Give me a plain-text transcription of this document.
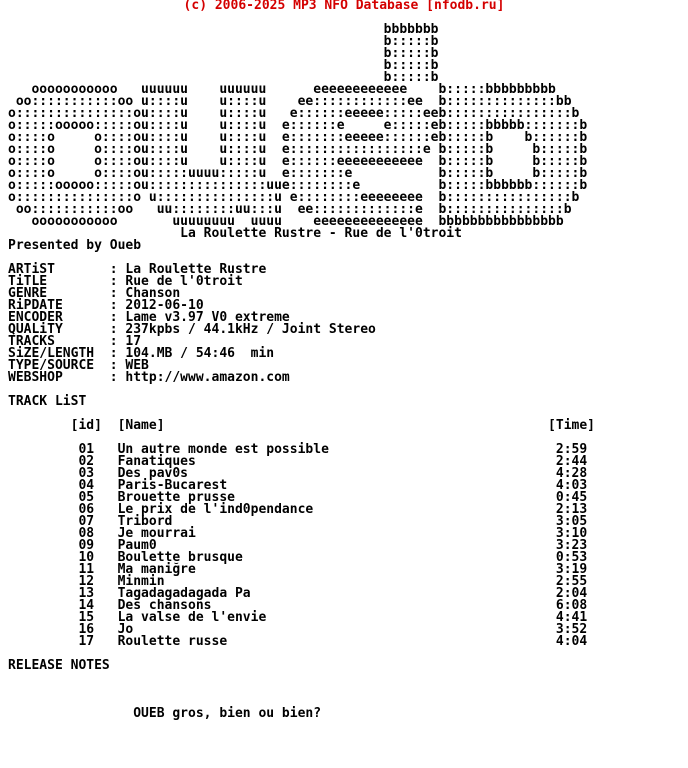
(c) 2006-2025 MP3 NFO Database [nfodb.ru]
bbbbbbb
b:::::b
b:::::b
b:::::b
b:::::b
ooooooooooo   uuuuuu    uuuuuu      eeeeeeeeeeee    b:::::bbbbbbbbb
oo:::::::::::oo u::::u    u::::u    ee::::::::::::ee  b::::::::::::::bb
o:::::::::::::::ou::::u    u::::u   e::::::eeeee:::::eeb::::::::::::::::b
o:::::ooooo:::::ou::::u    u::::u  e::::::e     e:::::eb:::::bbbbb:::::::b
o::::o     o::::ou::::u    u::::u  e:::::::eeeee::::::eb:::::b    b::::::b
o::::o     o::::ou::::u    u::::u  e:::::::::::::::::e b:::::b     b:::::b
o::::o     o::::ou::::u    u::::u  e::::::eeeeeeeeeee  b:::::b     b:::::b
o::::o     o::::ou:::::uuuu:::::u  e:::::::e           b:::::b     b:::::b
o:::::ooooo:::::ou:::::::::::::::uue::::::::e          b:::::bbbbbb::::::b
o:::::::::::::::o u:::::::::::::::u e::::::::eeeeeeee  b::::::::::::::::b
oo:::::::::::oo   uu::::::::uu:::u  ee:::::::::::::e  b:::::::::::::::b
ooooooooooo       uuuuuuuu  uuuu    eeeeeeeeeeeeee  bbbbbbbbbbbbbbbb
La Roulette Rustre - Rue de l'0troit
Presented by Oueb
ARTiST       : La Roulette Rustre
TiTLE        : Rue de l'0troit
GENRE        : Chanson
RiPDATE      : 2012-06-10
ENCODER      : Lame v3.97 V0 extreme
QUALiTY      : 237kpbs / 44.1kHz / Joint Stereo
TRACKS       : 17
SiZE/LENGTH  : 104.MB / 54:46  min
TYPE/SOURCE  : WEB
WEBSHOP      : http://www.amazon.com
TRACK LiST
[id]  [Name]                                                 [Time]
01   Un autre monde est possible                             2:59
02   Fanatiques                                              2:44
03   Des pav0s                                               4:28
04   Paris-Bucarest                                          4:03
05   Brouette prusse                                         0:45
06   Le prix de l'ind0pendance                               2:13
07   Tribord                                                 3:05
08   Je mourrai                                              3:10
09   Paum0                                                   3:23
10   Boulette brusque                                        0:53
11   Ma maniğre                                              3:19
12   Minmin                                                  2:55
13   Tagadagadagada Pa                                       2:04
14   Des chansons                                            6:08
15   La valse de l'envie                                     4:41
16   Jo                                                      3:52
17   Roulette russe                                          4:04
RELEASE NOTES
OUEB gros, bien ou bien?
